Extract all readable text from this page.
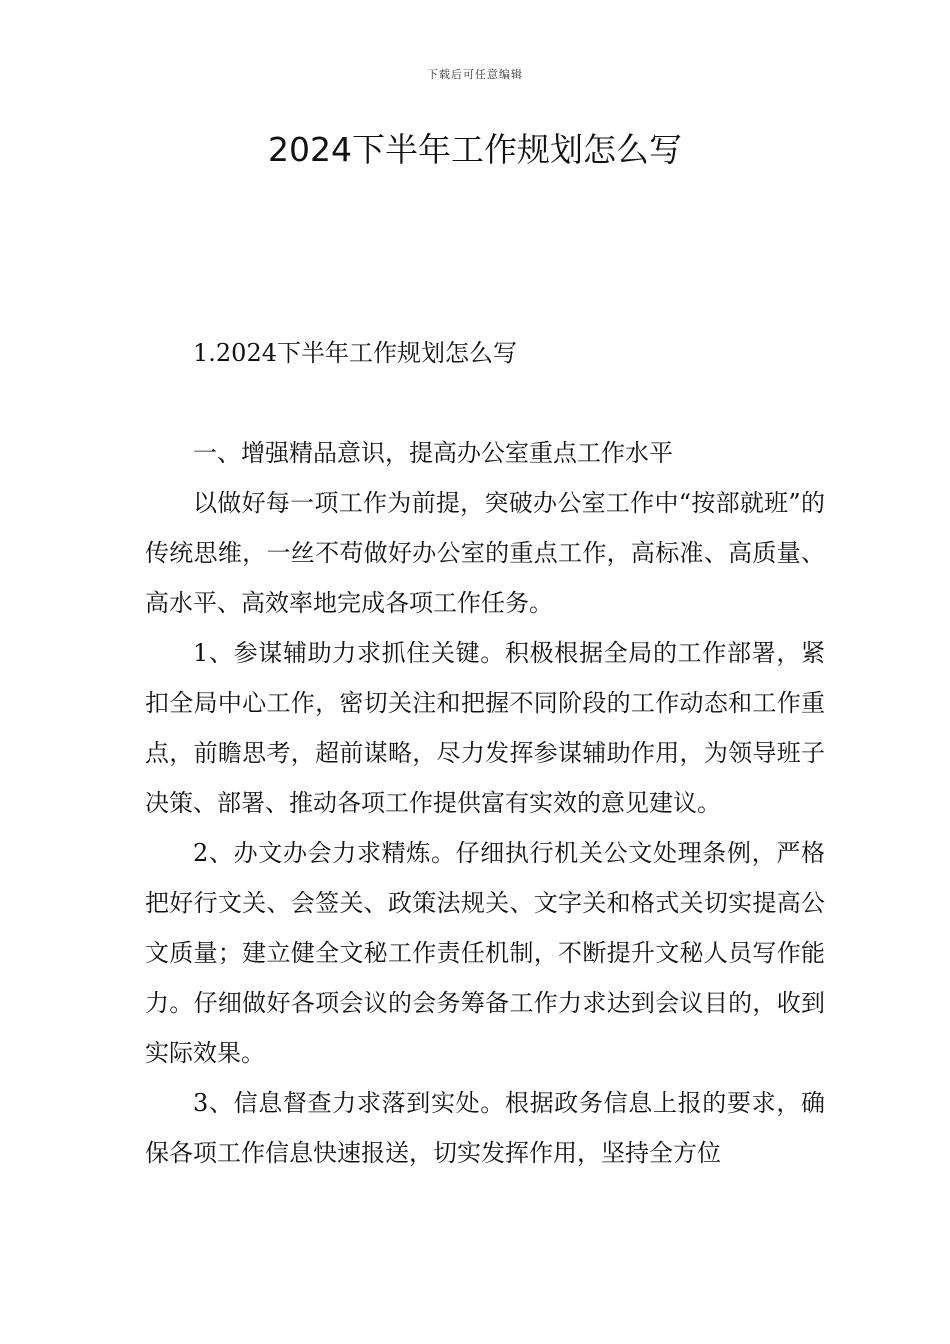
下载后可任意编辑
2024下半年工作规划怎么写

1.2024下半年工作规划怎么写

一、增强精品意识，提高办公室重点工作水平

以做好每一项工作为前提，突破办公室工作中“按部就班”的传统思维，一丝不苟做好办公室的重点工作，高标准、高质量、高水平、高效率地完成各项工作任务。

1、参谋辅助力求抓住关键。积极根据全局的工作部署，紧扣全局中心工作，密切关注和把握不同阶段的工作动态和工作重点，前瞻思考，超前谋略，尽力发挥参谋辅助作用，为领导班子决策、部署、推动各项工作提供富有实效的意见建议。

2、办文办会力求精炼。仔细执行机关公文处理条例，严格把好行文关、会签关、政策法规关、文字关和格式关切实提高公文质量；建立健全文秘工作责任机制，不断提升文秘人员写作能力。仔细做好各项会议的会务筹备工作力求达到会议目的，收到实际效果。

3、信息督查力求落到实处。根据政务信息上报的要求，确保各项工作信息快速报送，切实发挥作用，坚持全方位
